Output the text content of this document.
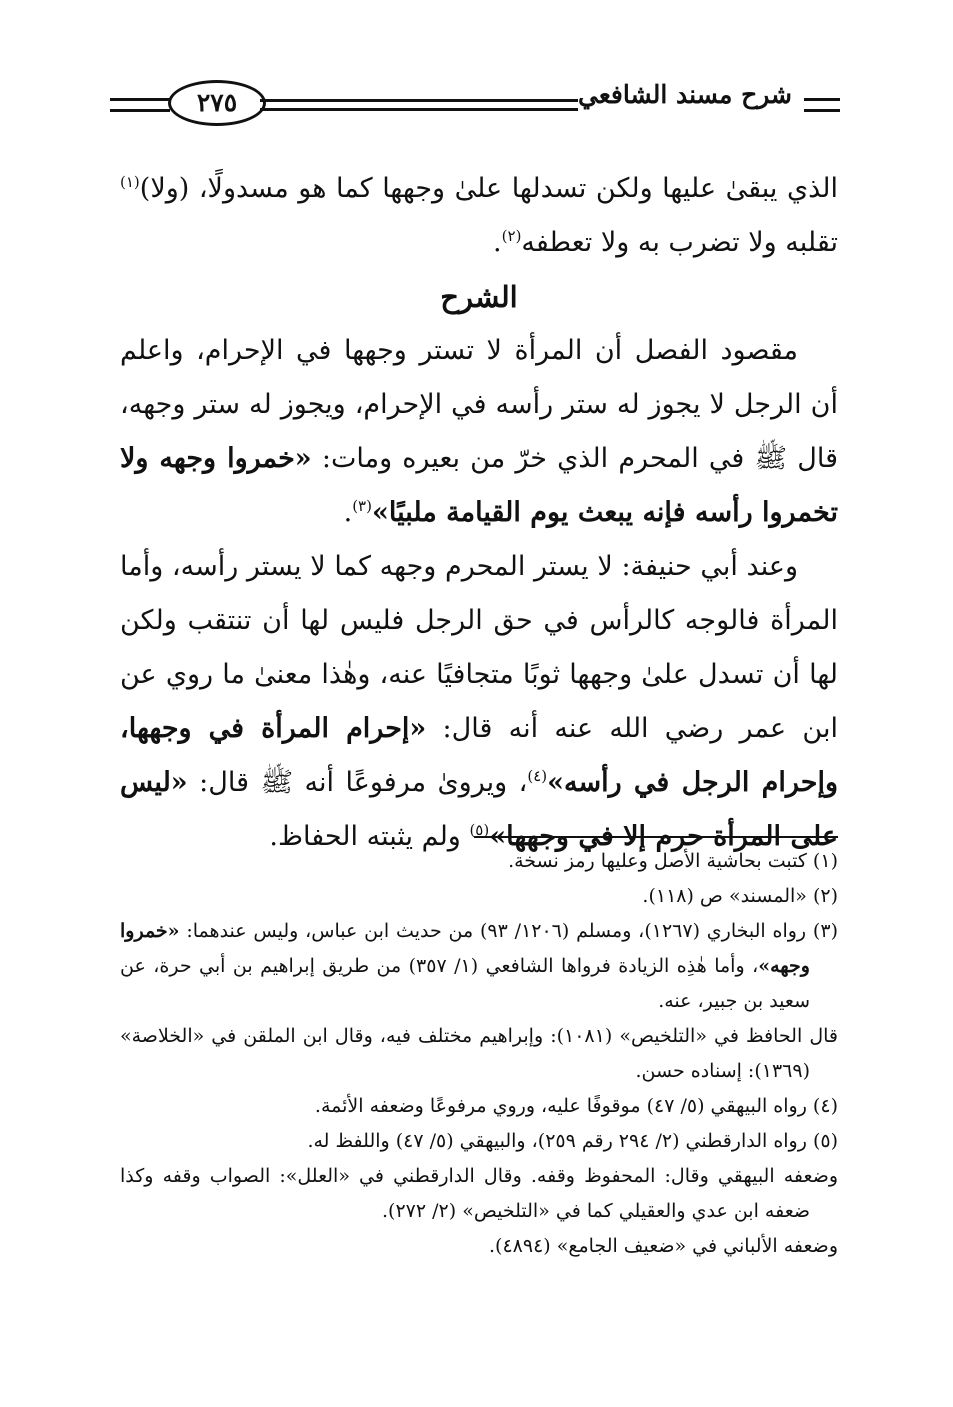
شرح مسند الشافعي
٢٧٥

الذي يبقىٰ عليها ولكن تسدلها علىٰ وجهها كما هو مسدولًا، (ولا)$^{(١)}$ تقلبه ولا تضرب به ولا تعطفه$^{(٢)}$.

الشرح

مقصود الفصل أن المرأة لا تستر وجهها في الإحرام، واعلم أن الرجل لا يجوز له ستر رأسه في الإحرام، ويجوز له ستر وجهه، قال ﷺ في المحرم الذي خرّ من بعيره ومات: «خمروا وجهه ولا تخمروا رأسه فإنه يبعث يوم القيامة ملبيًا»$^{(٣)}$.

وعند أبي حنيفة: لا يستر المحرم وجهه كما لا يستر رأسه، وأما المرأة فالوجه كالرأس في حق الرجل فليس لها أن تنتقب ولكن لها أن تسدل علىٰ وجهها ثوبًا متجافيًا عنه، وهٰذا معنىٰ ما روي عن ابن عمر رضي الله عنه أنه قال: «إحرام المرأة في وجهها، وإحرام الرجل في رأسه»$^{(٤)}$، ويروىٰ مرفوعًا أنه ﷺ قال: «ليس على المرأة حرم إلا في وجهها»$^{(٥)}$ ولم يثبته الحفاظ.

(١) كتبت بحاشية الأصل وعليها رمز نسخة.

(٢) «المسند» ص (١١٨).

(٣) رواه البخاري (١٢٦٧)، ومسلم (١٢٠٦/ ٩٣) من حديث ابن عباس، وليس عندهما: «خمروا وجهه»، وأما هٰذِه الزيادة فرواها الشافعي (١/ ٣٥٧) من طريق إبراهيم بن أبي حرة، عن سعيد بن جبير، عنه.

قال الحافظ في «التلخيص» (١٠٨١): وإبراهيم مختلف فيه، وقال ابن الملقن في «الخلاصة» (١٣٦٩): إسناده حسن.

(٤) رواه البيهقي (٥/ ٤٧) موقوفًا عليه، وروي مرفوعًا وضعفه الأئمة.

(٥) رواه الدارقطني (٢/ ٢٩٤ رقم ٢٥٩)، والبيهقي (٥/ ٤٧) واللفظ له.

وضعفه البيهقي وقال: المحفوظ وقفه. وقال الدارقطني في «العلل»: الصواب وقفه وكذا ضعفه ابن عدي والعقيلي كما في «التلخيص» (٢/ ٢٧٢).

وضعفه الألباني في «ضعيف الجامع» (٤٨٩٤).
